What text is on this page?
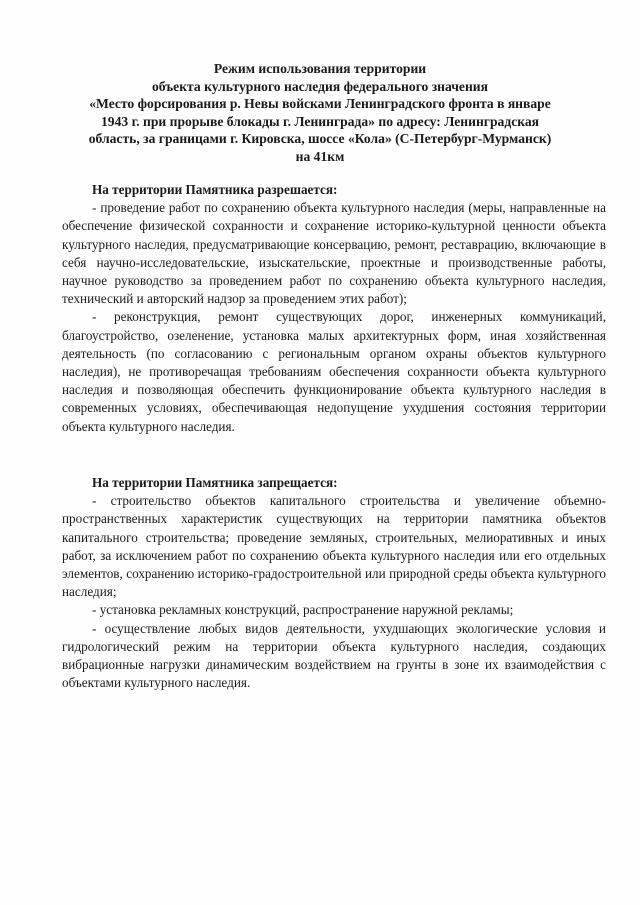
Режим использования территории
объекта культурного наследия федерального значения
«Место форсирования р. Невы войсками Ленинградского фронта в январе
1943 г. при прорыве блокады г. Ленинграда» по адресу: Ленинградская
область, за границами г. Кировска, шоссе «Кола» (С-Петербург-Мурманск)
на 41км

На территории Памятника разрешается:

- проведение работ по сохранению объекта культурного наследия (меры, направленные на обеспечение физической сохранности и сохранение историко-культурной ценности объекта культурного наследия, предусматривающие консервацию, ремонт, реставрацию, включающие в себя научно-исследовательские, изыскательские, проектные и производственные работы, научное руководство за проведением работ по сохранению объекта культурного наследия, технический и авторский надзор за проведением этих работ);

- реконструкция, ремонт существующих дорог, инженерных коммуникаций, благоустройство, озеленение, установка малых архитектурных форм, иная хозяйственная деятельность (по согласованию с региональным органом охраны объектов культурного наследия), не противоречащая требованиям обеспечения сохранности объекта культурного наследия и позволяющая обеспечить функционирование объекта культурного наследия в современных условиях, обеспечивающая недопущение ухудшения состояния территории объекта культурного наследия.

На территории Памятника запрещается:

- строительство объектов капитального строительства и увеличение объемно-пространственных характеристик существующих на территории памятника объектов капитального строительства; проведение земляных, строительных, мелиоративных и иных работ, за исключением работ по сохранению объекта культурного наследия или его отдельных элементов, сохранению историко-градостроительной или природной среды объекта культурного наследия;

- установка рекламных конструкций, распространение наружной рекламы;

- осуществление любых видов деятельности, ухудшающих экологические условия и гидрологический режим на территории объекта культурного наследия, создающих вибрационные нагрузки динамическим воздействием на грунты в зоне их взаимодействия с объектами культурного наследия.
